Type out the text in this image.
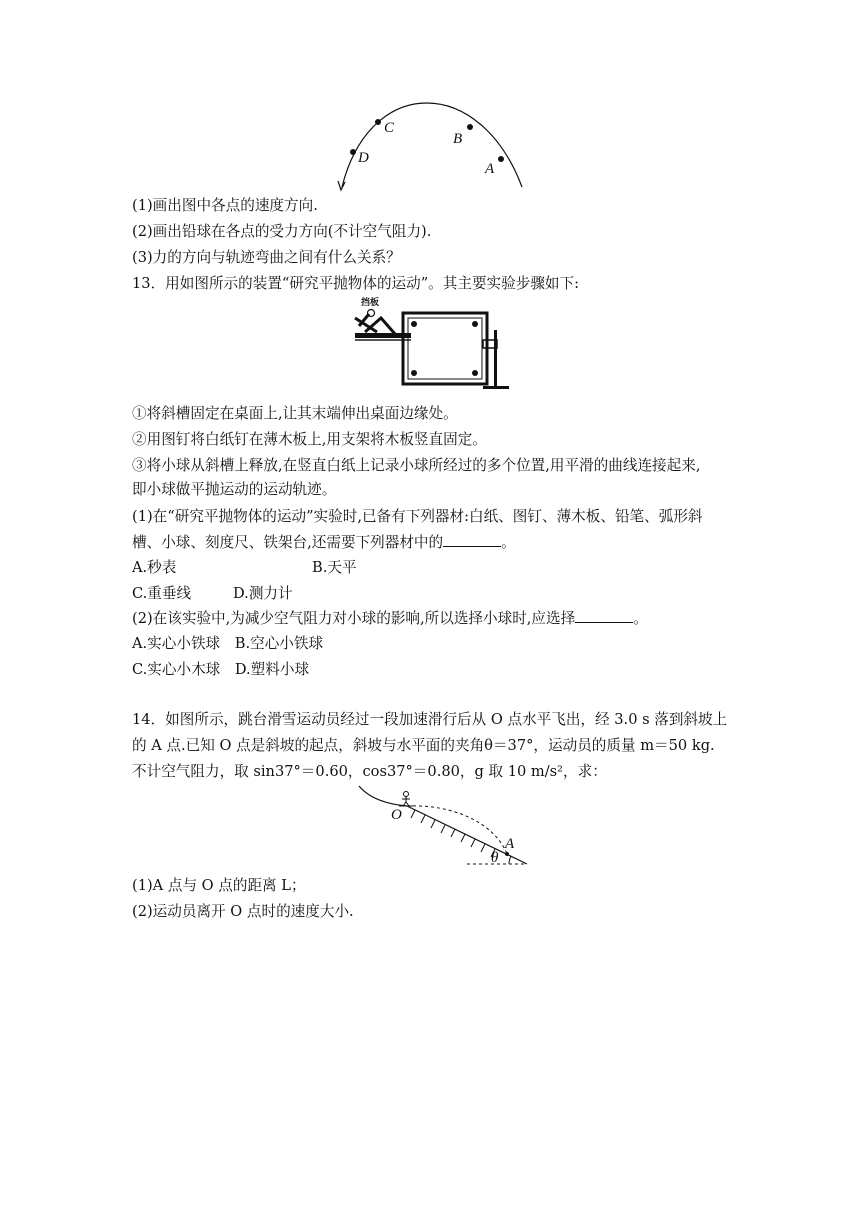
D
C
B
A
(1)画出图中各点的速度方向.
(2)画出铅球在各点的受力方向(不计空气阻力).
(3)力的方向与轨迹弯曲之间有什么关系？
13．用如图所示的装置“研究平抛物体的运动”。其主要实验步骤如下:
挡板
①将斜槽固定在桌面上,让其末端伸出桌面边缘处。
②用图钉将白纸钉在薄木板上,用支架将木板竖直固定。
③将小球从斜槽上释放,在竖直白纸上记录小球所经过的多个位置,用平滑的曲线连接起来,
即小球做平抛运动的运动轨迹。
(1)在“研究平抛物体的运动”实验时,已备有下列器材:白纸、图钉、薄木板、铅笔、弧形斜
槽、小球、刻度尺、铁架台,还需要下列器材中的	。
A.秒表	B.天平
C.重垂线	D.测力计
(2)在该实验中,为减少空气阻力对小球的影响,所以选择小球时,应选择	。
A.实心小铁球　B.空心小铁球
C.实心小木球　D.塑料小球
14．如图所示，跳台滑雪运动员经过一段加速滑行后从 O 点水平飞出，经 3.0 s 落到斜坡上
的 A 点.已知 O 点是斜坡的起点，斜坡与水平面的夹角θ＝37°，运动员的质量 m＝50 kg.
不计空气阻力，取 sin37°＝0.60，cos37°＝0.80，g 取 10 m/s²，求：
O
A
θ
(1)A 点与 O 点的距离 L；
(2)运动员离开 O 点时的速度大小.
